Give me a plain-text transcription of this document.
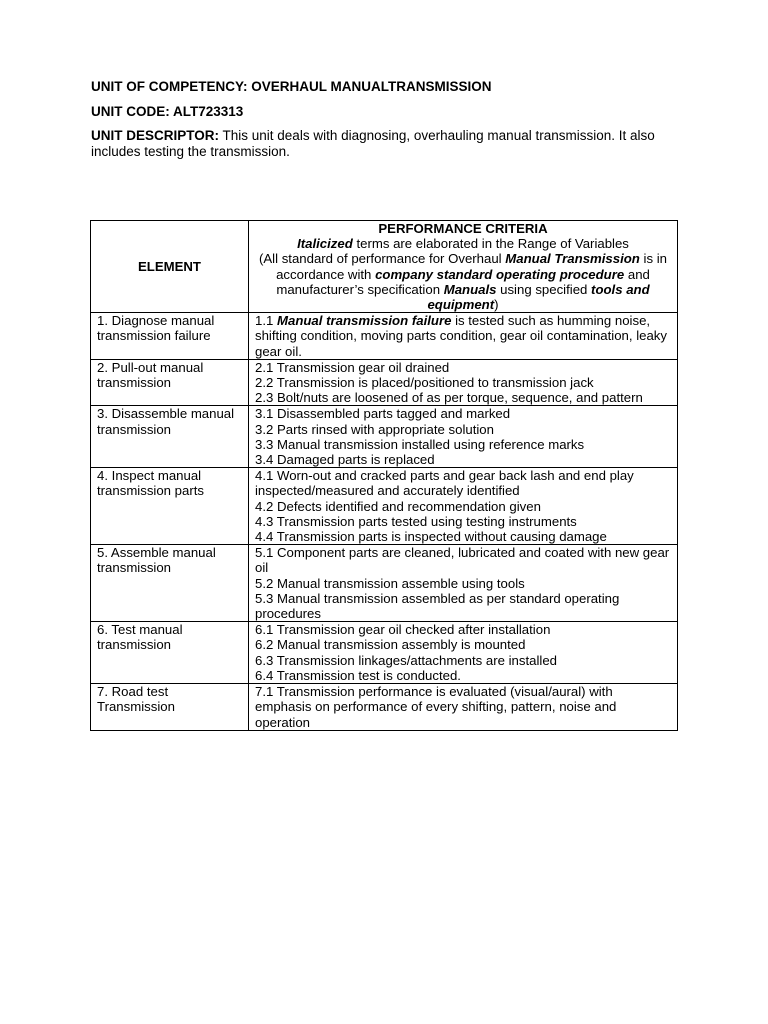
UNIT OF COMPETENCY: OVERHAUL MANUALTRANSMISSION
UNIT CODE: ALT723313
UNIT DESCRIPTOR: This unit deals with diagnosing, overhauling manual transmission. It also includes testing the transmission.
ELEMENT	PERFORMANCE CRITERIA
Italicized terms are elaborated in the Range of Variables
(All standard of performance for Overhaul Manual Transmission is in accordance with company standard operating procedure and manufacturer’s specification Manuals using specified tools and equipment)

1. Diagnose manual transmission failure	1.1 Manual transmission failure is tested such as humming noise, shifting condition, moving parts condition, gear oil contamination, leaky gear oil.
2. Pull-out manual transmission	2.1 Transmission gear oil drained
2.2 Transmission is placed/positioned to transmission jack
2.3 Bolt/nuts are loosened of as per torque, sequence, and pattern

3. Disassemble manual transmission	3.1 Disassembled parts tagged and marked
3.2 Parts rinsed with appropriate solution
3.3 Manual transmission installed using reference marks
3.4 Damaged parts is replaced

4. Inspect manual transmission parts	4.1 Worn-out and cracked parts and gear back lash and end play inspected/measured and accurately identified
4.2 Defects identified and recommendation given
4.3 Transmission parts tested using testing instruments
4.4 Transmission parts is inspected without causing damage

5. Assemble manual transmission	5.1 Component parts are cleaned, lubricated and coated with new gear oil
5.2 Manual transmission assemble using tools
5.3 Manual transmission assembled as per standard operating procedures

6. Test manual transmission	6.1 Transmission gear oil checked after installation
6.2 Manual transmission assembly is mounted
6.3 Transmission linkages/attachments are installed
6.4 Transmission test is conducted.

7. Road test Transmission	7.1 Transmission performance is evaluated (visual/aural) with emphasis on performance of every shifting, pattern, noise and operation
